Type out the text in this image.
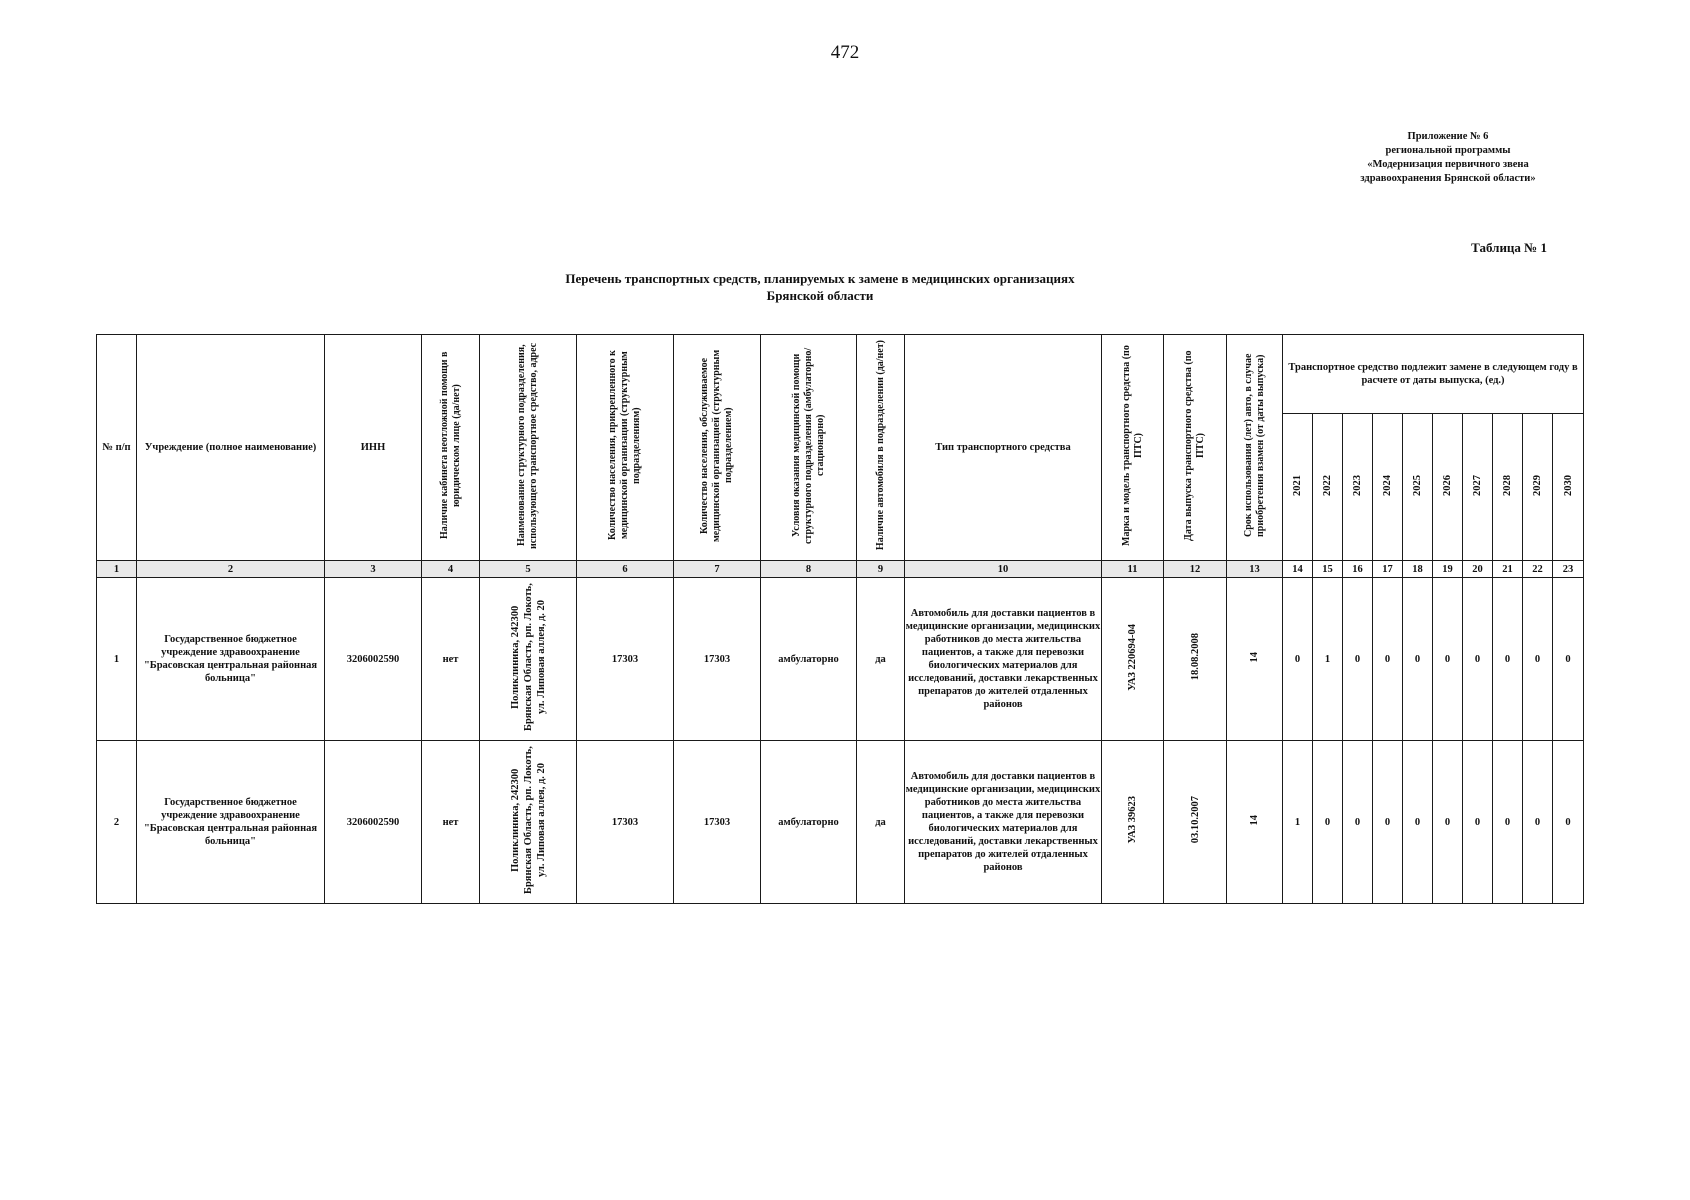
472
Приложение № 6
региональной программы
«Модернизация первичного звена
здравоохранения Брянской области»
Таблица № 1
Перечень транспортных средств, планируемых к замене в медицинских организациях
Брянской области
№ п/п	Учреждение (полное наименование)	ИНН	Наличие кабинета неотложной помощи в юридическом лице (да/нет)	Наименование структурного подразделения, использующего транспортное средство, адрес	Количество населения, прикрепленного к медицинской организации (структурным подразделениям)	Количество населения, обслуживаемое медицинской организацией (структурным подразделением)	Условия оказания медицинской помощи структурного подразделения (амбулаторно/стационарно)	Наличие автомобиля в подразделении (да/нет)	Тип транспортного средства	Марка и модель транспортного средства (по ПТС)	Дата выпуска транспортного средства (по ПТС)	Срок использования (лет) авто, в случае приобретения взамен (от даты выпуска)	Транспортное средство подлежит замене в следующем году в расчете от даты выпуска, (ед.)									
													2021	2022	2023	2024	2025	2026	2027	2028	2029	2030
1	2	3	4	5	6	7	8	9	10	11	12	13	14	15	16	17	18	19	20	21	22	23
1	Государственное бюджетное учреждение здравоохранение "Брасовская центральная районная больница"	3206002590	нет	Поликлиника, 242300 Брянская Область, рп. Локоть, ул. Липовая аллея, д. 20	17303	17303	амбулаторно	да	Автомобиль для доставки пациентов в медицинские организации, медицинских работников до места жительства пациентов, а также для перевозки биологических материалов для исследований, доставки лекарственных препаратов до жителей отдаленных районов	УАЗ 220694-04	18.08.2008	14	0	1	0	0	0	0	0	0	0	0
2	Государственное бюджетное учреждение здравоохранение "Брасовская центральная районная больница"	3206002590	нет	Поликлиника, 242300 Брянская Область, рп. Локоть, ул. Липовая аллея, д. 20	17303	17303	амбулаторно	да	Автомобиль для доставки пациентов в медицинские организации, медицинских работников до места жительства пациентов, а также для перевозки биологических материалов для исследований, доставки лекарственных препаратов до жителей отдаленных районов	УАЗ 39623	03.10.2007	14	1	0	0	0	0	0	0	0	0	0
